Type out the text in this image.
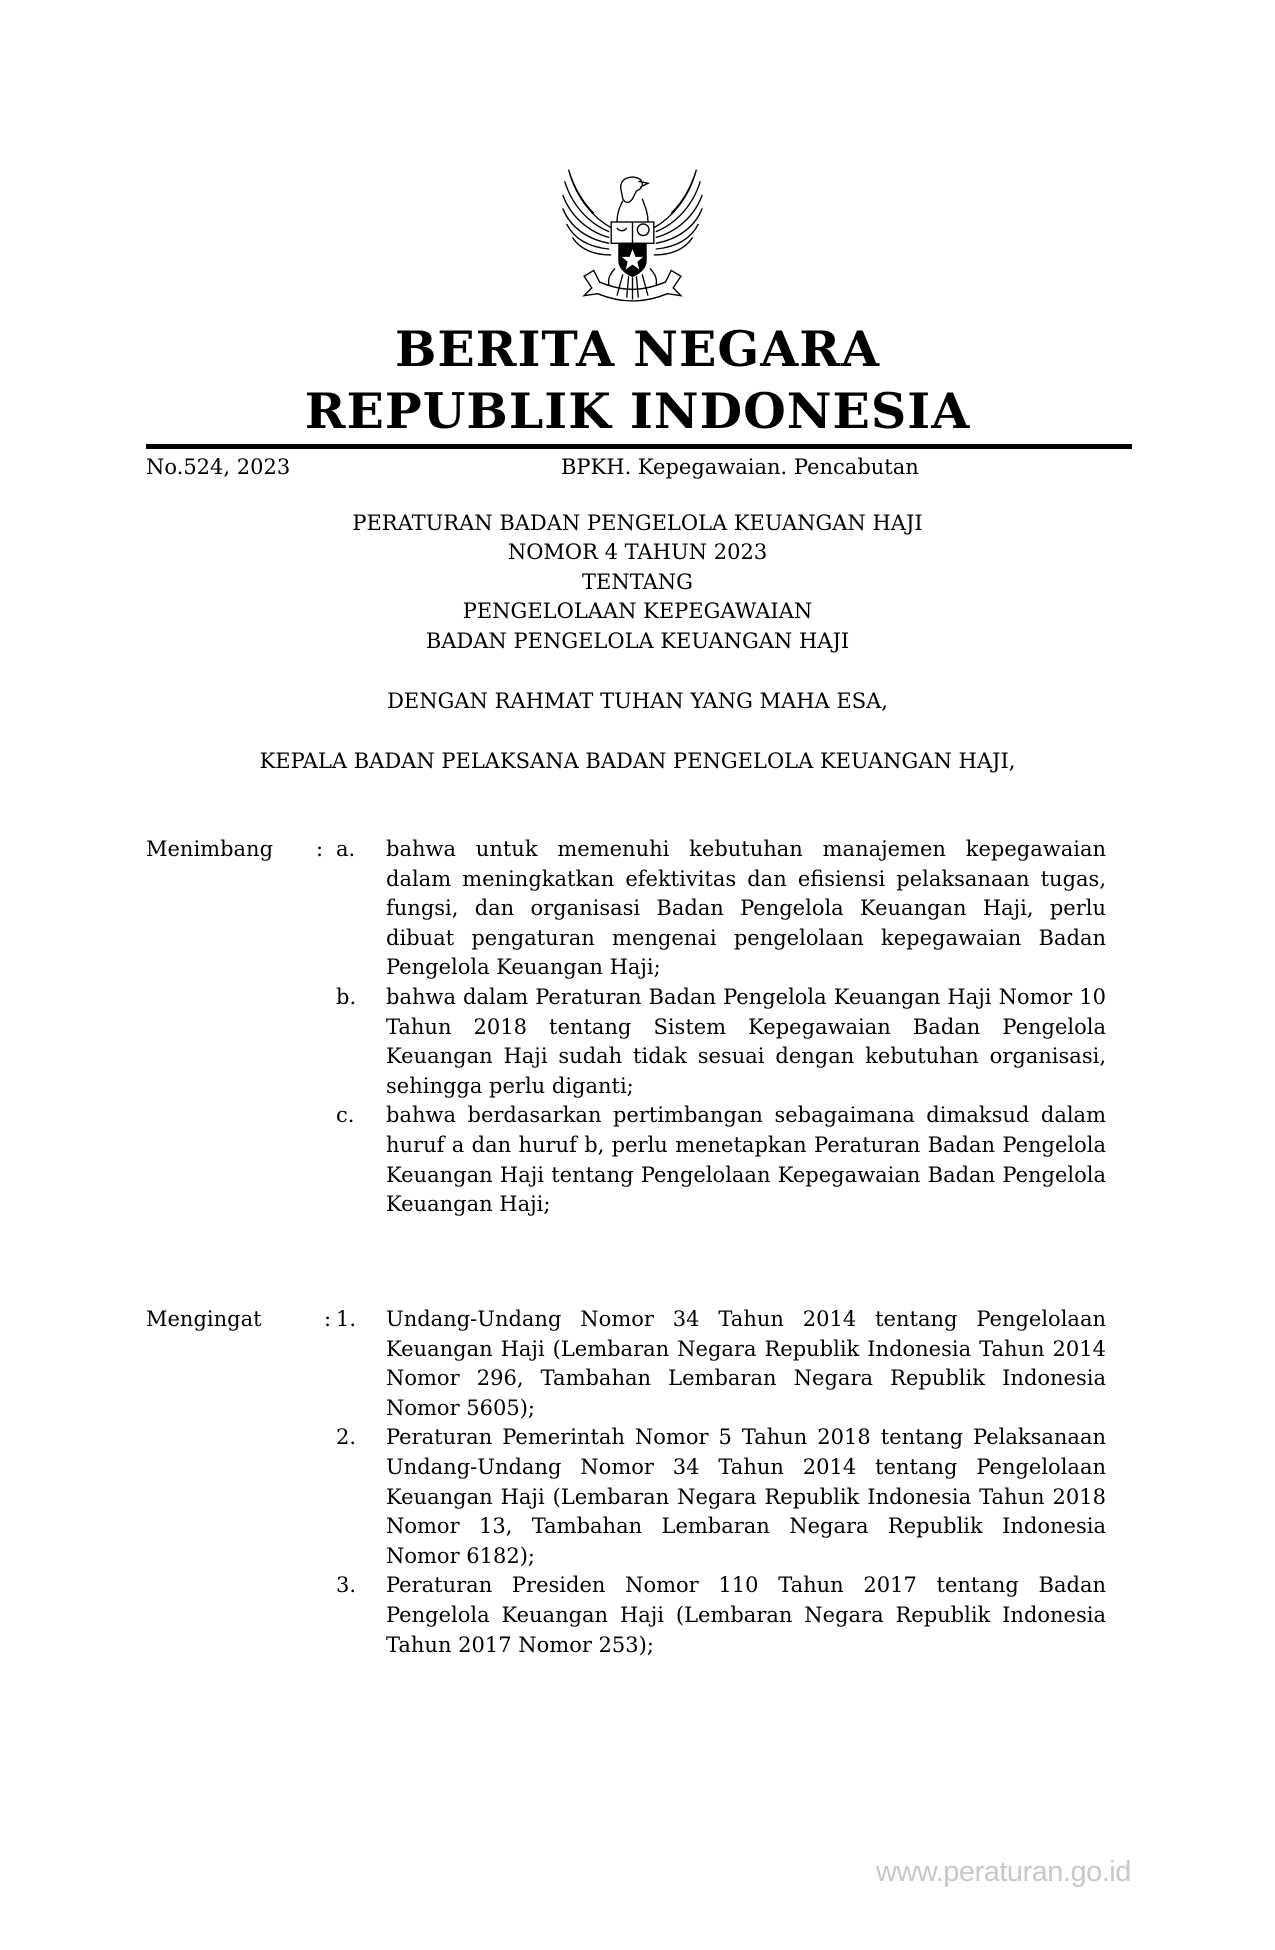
BERITA NEGARA
REPUBLIK INDONESIA
No.524, 2023	BPKH. Kepegawaian. Pencabutan
PERATURAN BADAN PENGELOLA KEUANGAN HAJI
NOMOR 4 TAHUN 2023
TENTANG
PENGELOLAAN KEPEGAWAIAN
BADAN PENGELOLA KEUANGAN HAJI
DENGAN RAHMAT TUHAN YANG MAHA ESA,
KEPALA BADAN PELAKSANA BADAN PENGELOLA KEUANGAN HAJI,
Menimbang	: a.	bahwa untuk memenuhi kebutuhan manajemen kepegawaian dalam meningkatkan efektivitas dan efisiensi pelaksanaan tugas, fungsi, dan organisasi Badan Pengelola Keuangan Haji, perlu dibuat pengaturan mengenai pengelolaan kepegawaian Badan Pengelola Keuangan Haji;
b.	bahwa dalam Peraturan Badan Pengelola Keuangan Haji Nomor 10 Tahun 2018 tentang Sistem Kepegawaian Badan Pengelola Keuangan Haji sudah tidak sesuai dengan kebutuhan organisasi, sehingga perlu diganti;
c.	bahwa berdasarkan pertimbangan sebagaimana dimaksud dalam huruf a dan huruf b, perlu menetapkan Peraturan Badan Pengelola Keuangan Haji tentang Pengelolaan Kepegawaian Badan Pengelola Keuangan Haji;
Mengingat	: 1.	Undang-Undang Nomor 34 Tahun 2014 tentang Pengelolaan Keuangan Haji (Lembaran Negara Republik Indonesia Tahun 2014 Nomor 296, Tambahan Lembaran Negara Republik Indonesia Nomor 5605);
2.	Peraturan Pemerintah Nomor 5 Tahun 2018 tentang Pelaksanaan Undang-Undang Nomor 34 Tahun 2014 tentang Pengelolaan Keuangan Haji (Lembaran Negara Republik Indonesia Tahun 2018 Nomor 13, Tambahan Lembaran Negara Republik Indonesia Nomor 6182);
3.	Peraturan Presiden Nomor 110 Tahun 2017 tentang Badan Pengelola Keuangan Haji (Lembaran Negara Republik Indonesia Tahun 2017 Nomor 253);
www.peraturan.go.id
